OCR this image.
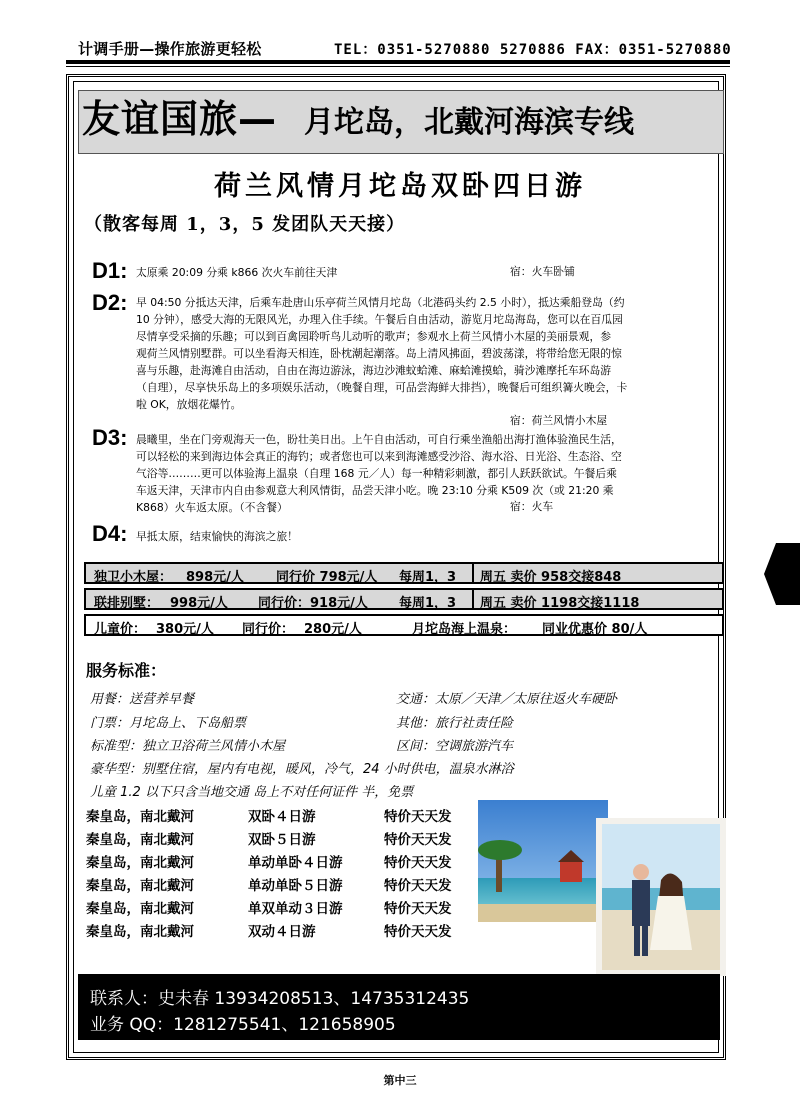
计调手册—操作旅游更轻松	TEL：0351-5270880 5270886 FAX：0351-5270880
友谊国旅— 月坨岛，北戴河海滨专线
荷兰风情月坨岛双卧四日游
（散客每周 1，3，5 发团队天天接）
D1: 太原乘 20:09 分乘 k866 次火车前往天津	宿：火车卧铺
D2: 早 04:50 分抵达天津，后乘车赴唐山乐亭荷兰风情月坨岛（北港码头约 2.5 小时），抵达乘船登岛（约
10 分钟），感受大海的无限风光，办理入住手续。午餐后自由活动，游览月坨岛海岛，您可以在百瓜园
尽情享受采摘的乐趣；可以到百禽园聆听鸟儿动听的歌声；参观水上荷兰风情小木屋的美丽景观，参
观荷兰风情别墅群。可以坐看海天相连，卧枕潮起潮落。岛上清风拂面，碧波荡漾，将带给您无限的惊
喜与乐趣，赴海滩自由活动，自由在海边游泳，海边沙滩蚊蛤滩、麻蛤滩摸蛤，骑沙滩摩托车环岛游
（自理），尽享快乐岛上的多项娱乐活动，（晚餐自理，可品尝海鲜大排挡），晚餐后可组织篝火晚会，卡
啦 OK，放烟花爆竹。
宿：荷兰风情小木屋
D3: 晨曦里，坐在门旁观海天一色，盼壮美日出。上午自由活动，可自行乘坐渔船出海打渔体验渔民生活，
可以轻松的来到海边体会真正的海钓；或者您也可以来到海滩感受沙浴、海水浴、日光浴、生态浴、空
气浴等………更可以体验海上温泉（自理 168 元／人）每一种精彩刺激，都引人跃跃欲试。午餐后乘
车返天津，天津市内自由参观意大利风情街，品尝天津小吃。晚 23:10 分乘 K509 次（或 21:20 乘
K868）火车返太原。（不含餐）	宿：火车
D4: 早抵太原，结束愉快的海滨之旅！
独卫小木屋： 898元/人 同行价 798元/人 每周1，3 周五 卖价 958交接848
联排别墅： 998元/人 同行价：918元/人 每周1，3 周五 卖价 1198交接1118
儿童价： 380元/人 同行价： 280元/人	月坨岛海上温泉： 同业优惠价 80/人
服务标准：
用餐：送营养早餐
门票：月坨岛上、下岛船票
标准型：独立卫浴荷兰风情小木屋
豪华型：别墅住宿，屋内有电视，暖风，冷气，24 小时供电，温泉水淋浴
儿童 1.2 以下只含当地交通 岛上不对任何证件 半，免票
交通：太原／天津／太原往返火车硬卧
其他：旅行社责任险
区间：空调旅游汽车
秦皇岛，南北戴河	双卧４日游	特价天天发
秦皇岛，南北戴河	双卧５日游	特价天天发
秦皇岛，南北戴河	单动单卧４日游	特价天天发
秦皇岛，南北戴河	单动单卧５日游	特价天天发
秦皇岛，南北戴河	单双单动３日游	特价天天发
秦皇岛，南北戴河	双动４日游	特价天天发
联系人：史未春 13934208513、14735312435
业务 QQ：1281275541、121658905
第中三
